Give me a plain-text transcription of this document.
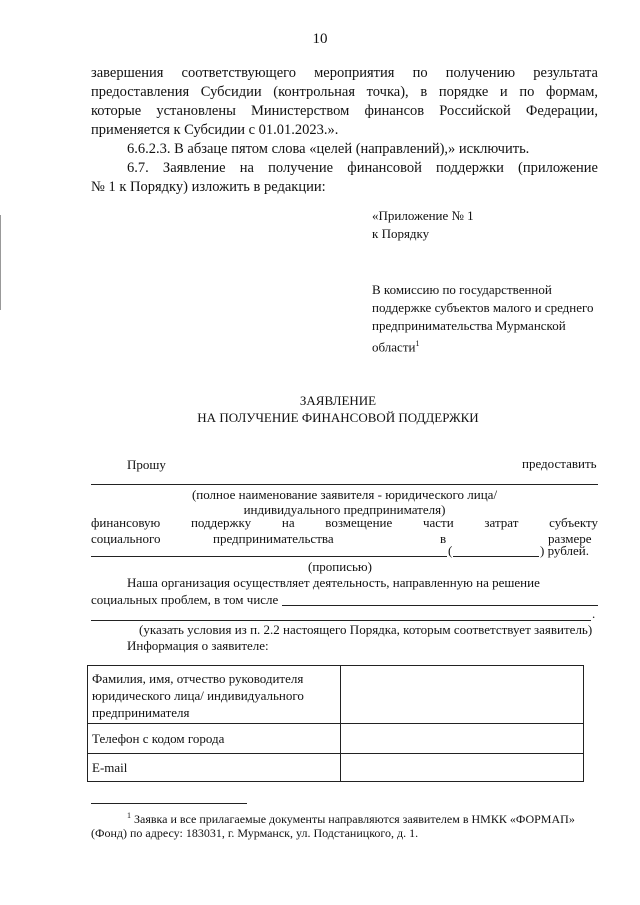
10
завершения соответствующего мероприятия по получению результата
предоставления Субсидии (контрольная точка), в порядке и по формам,
которые установлены Министерством финансов Российской Федерации,
применяется к Субсидии с 01.01.2023.».
6.6.2.3. В абзаце пятом слова «целей (направлений),» исключить.
6.7. Заявление на получение финансовой поддержки (приложение
№ 1 к Порядку) изложить в редакции:
«Приложение № 1
к Порядку
В комиссию по государственной
поддержке субъектов малого и среднего
предпринимательства Мурманской
области$^1$
ЗАЯВЛЕНИЕ
НА ПОЛУЧЕНИЕ ФИНАНСОВОЙ ПОДДЕРЖКИ
Прошу	предоставить
(полное наименование заявителя - юридического лица/
индивидуального предпринимателя)
финансовую поддержку на возмещение части затрат субъекту
социального	предпринимательства	в	размере
(	) рублей.
(прописью)
Наша организация осуществляет деятельность, направленную на решение
социальных проблем, в том числе
.
(указать условия из п. 2.2 настоящего Порядка, которым соответствует заявитель)
Информация о заявителе:
Фамилия, имя, отчество руководителя
юридического лица/ индивидуального
предпринимателя	

Телефон с кодом города	
E-mail	
$^1$ Заявка и все прилагаемые документы направляются заявителем в НМКК «ФОРМАП»
(Фонд) по адресу: 183031, г. Мурманск, ул. Подстаницкого, д. 1.
